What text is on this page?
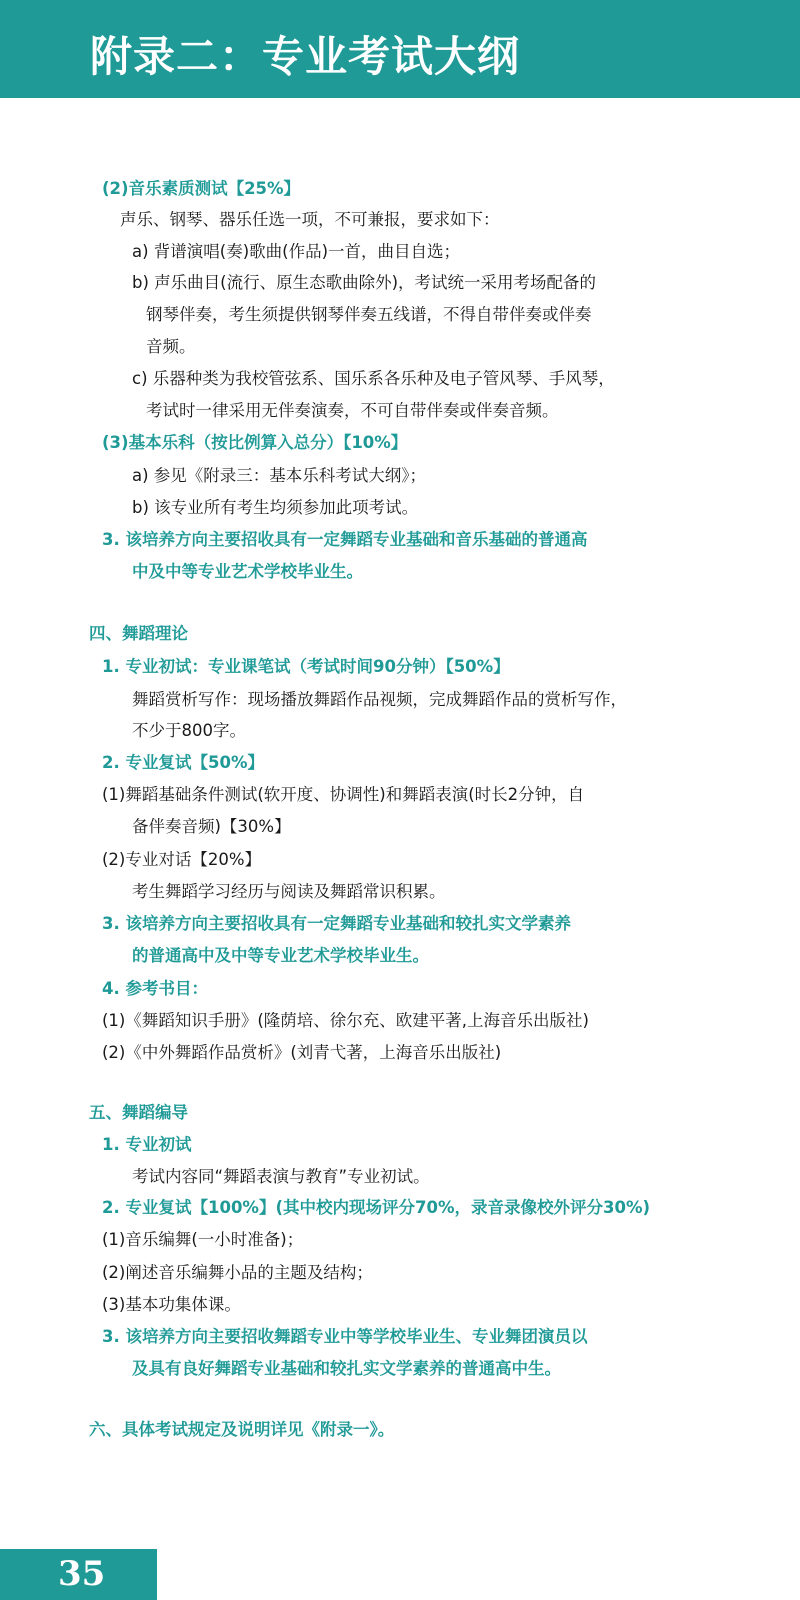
附录二：专业考试大纲
(2)音乐素质测试【25%】
声乐、钢琴、器乐任选一项，不可兼报，要求如下：
a) 背谱演唱(奏)歌曲(作品)一首，曲目自选；
b) 声乐曲目(流行、原生态歌曲除外)，考试统一采用考场配备的
钢琴伴奏，考生须提供钢琴伴奏五线谱，不得自带伴奏或伴奏
音频。
c) 乐器种类为我校管弦系、国乐系各乐种及电子管风琴、手风琴，
考试时一律采用无伴奏演奏，不可自带伴奏或伴奏音频。
(3)基本乐科（按比例算入总分）【10%】
a) 参见《附录三：基本乐科考试大纲》；
b) 该专业所有考生均须参加此项考试。
3. 该培养方向主要招收具有一定舞蹈专业基础和音乐基础的普通高
中及中等专业艺术学校毕业生。
四、舞蹈理论
1. 专业初试：专业课笔试（考试时间90分钟）【50%】
舞蹈赏析写作：现场播放舞蹈作品视频，完成舞蹈作品的赏析写作，
不少于800字。
2. 专业复试【50%】
(1)舞蹈基础条件测试(软开度、协调性)和舞蹈表演(时长2分钟，自
备伴奏音频)【30%】
(2)专业对话【20%】
考生舞蹈学习经历与阅读及舞蹈常识积累。
3. 该培养方向主要招收具有一定舞蹈专业基础和较扎实文学素养
的普通高中及中等专业艺术学校毕业生。
4. 参考书目：
(1)《舞蹈知识手册》(隆荫培、徐尔充、欧建平著,上海音乐出版社)
(2)《中外舞蹈作品赏析》(刘青弋著，上海音乐出版社)
五、舞蹈编导
1. 专业初试
考试内容同“舞蹈表演与教育”专业初试。
2. 专业复试【100%】(其中校内现场评分70%，录音录像校外评分30%)
(1)音乐编舞(一小时准备)；
(2)阐述音乐编舞小品的主题及结构；
(3)基本功集体课。
3. 该培养方向主要招收舞蹈专业中等学校毕业生、专业舞团演员以
及具有良好舞蹈专业基础和较扎实文学素养的普通高中生。
六、具体考试规定及说明详见《附录一》。
35
